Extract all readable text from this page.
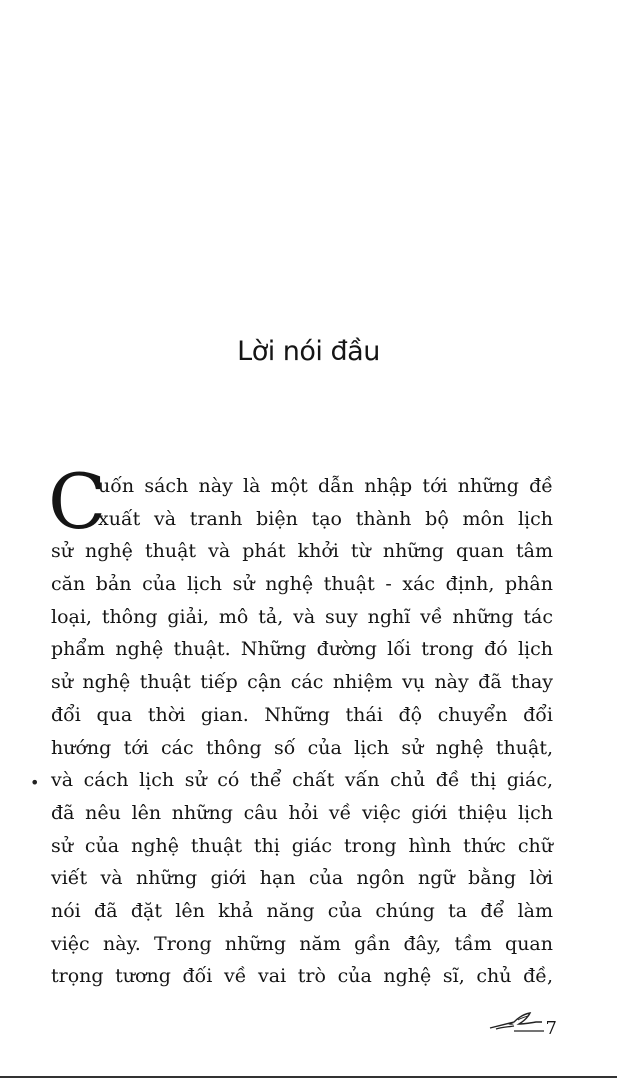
Lời nói đầu
C
uốn sách này là một dẫn nhập tới những đề
xuất và tranh biện tạo thành bộ môn lịch
sử nghệ thuật và phát khởi từ những quan tâm
căn bản của lịch sử nghệ thuật - xác định, phân
loại, thông giải, mô tả, và suy nghĩ về những tác
phẩm nghệ thuật. Những đường lối trong đó lịch
sử nghệ thuật tiếp cận các nhiệm vụ này đã thay
đổi qua thời gian. Những thái độ chuyển đổi
hướng tới các thông số của lịch sử nghệ thuật,
và cách lịch sử có thể chất vấn chủ đề thị giác,
đã nêu lên những câu hỏi về việc giới thiệu lịch
sử của nghệ thuật thị giác trong hình thức chữ
viết và những giới hạn của ngôn ngữ bằng lời
nói đã đặt lên khả năng của chúng ta để làm
việc này. Trong những năm gần đây, tầm quan
trọng tương đối về vai trò của nghệ sĩ, chủ đề,
•
7
